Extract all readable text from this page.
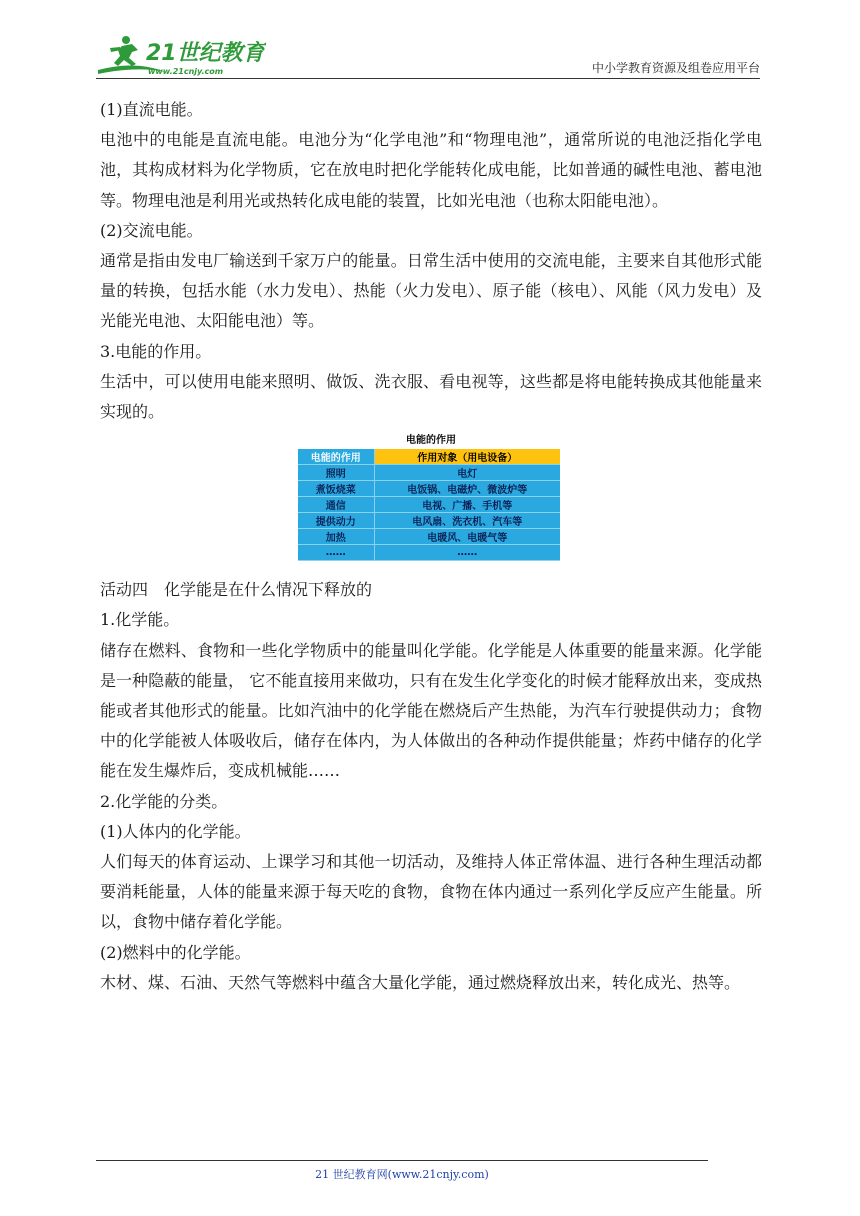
21世纪教育
www.21cnjy.com	中小学教育资源及组卷应用平台

(1)直流电能。

电池中的电能是直流电能。电池分为“化学电池”和“物理电池”，通常所说的电池泛指化学电池，其构成材料为化学物质，它在放电时把化学能转化成电能，比如普通的碱性电池、蓄电池等。物理电池是利用光或热转化成电能的装置，比如光电池（也称太阳能电池）。

(2)交流电能。

通常是指由发电厂输送到千家万户的能量。日常生活中使用的交流电能，主要来自其他形式能量的转换，包括水能（水力发电）、热能（火力发电）、原子能（核电）、风能（风力发电）及光能光电池、太阳能电池）等。

3.电能的作用。

生活中，可以使用电能来照明、做饭、洗衣服、看电视等，这些都是将电能转换成其他能量来实现的。

电能的作用
电能的作用	作用对象（用电设备）
照明	电灯
煮饭烧菜	电饭锅、电磁炉、微波炉等
通信	电视、广播、手机等
提供动力	电风扇、洗衣机、汽车等
加热	电暖风、电暖气等
……	……

活动四　化学能是在什么情况下释放的

1.化学能。

储存在燃料、食物和一些化学物质中的能量叫化学能。化学能是人体重要的能量来源。化学能是一种隐蔽的能量， 它不能直接用来做功，只有在发生化学变化的时候才能释放出来，变成热能或者其他形式的能量。比如汽油中的化学能在燃烧后产生热能，为汽车行驶提供动力；食物中的化学能被人体吸收后，储存在体内，为人体做出的各种动作提供能量；炸药中储存的化学能在发生爆炸后，变成机械能……

2.化学能的分类。

(1)人体内的化学能。

人们每天的体育运动、上课学习和其他一切活动，及维持人体正常体温、进行各种生理活动都要消耗能量，人体的能量来源于每天吃的食物，食物在体内通过一系列化学反应产生能量。所以，食物中储存着化学能。

(2)燃料中的化学能。

木材、煤、石油、天然气等燃料中蕴含大量化学能，通过燃烧释放出来，转化成光、热等。

21 世纪教育网(www.21cnjy.com)
